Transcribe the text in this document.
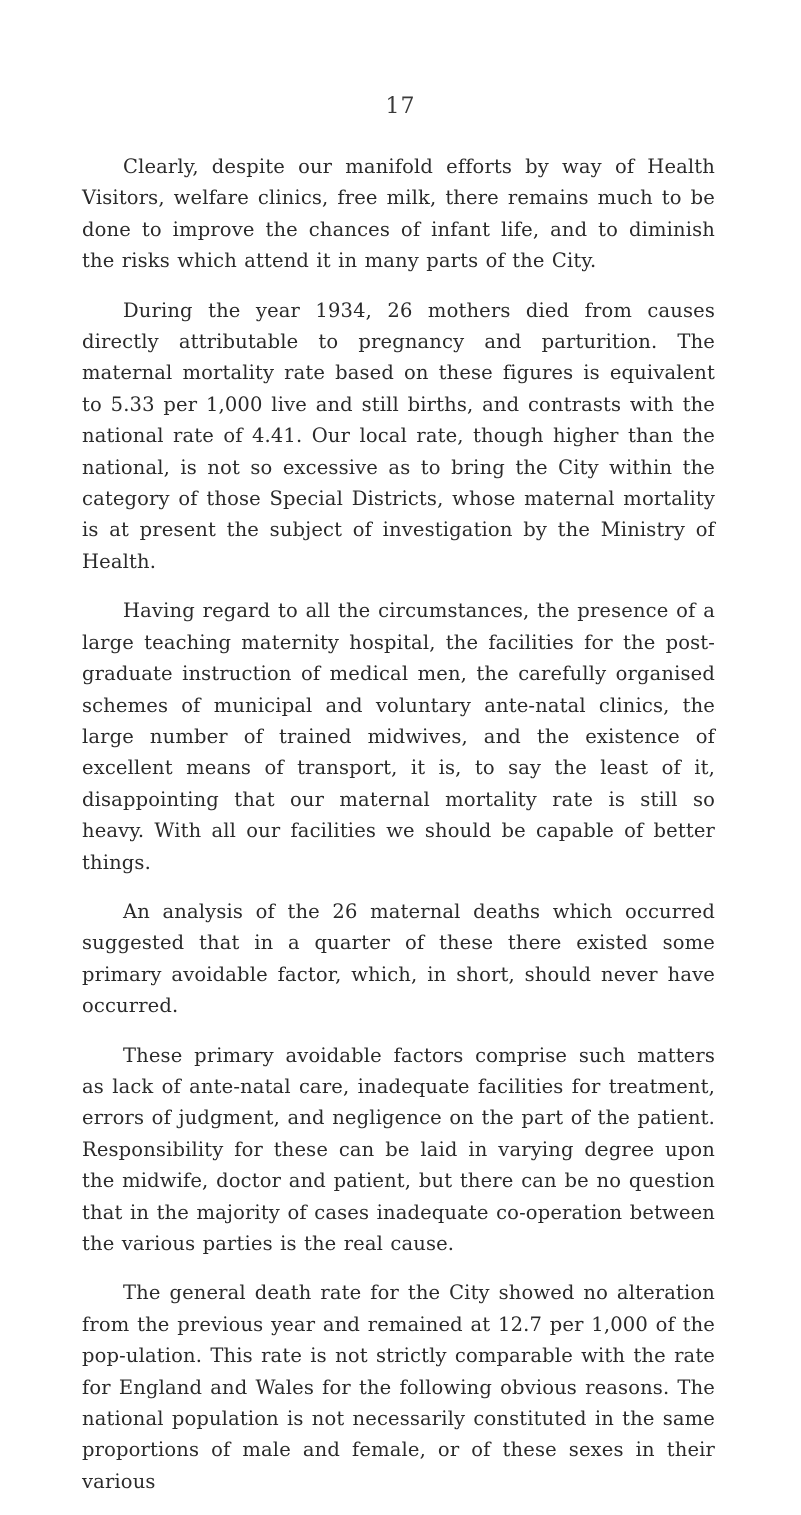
17

Clearly, despite our manifold efforts by way of Health Visitors, welfare clinics, free milk, there remains much to be done to improve the chances of infant life, and to diminish the risks which attend it in many parts of the City.

During the year 1934, 26 mothers died from causes directly attributable to pregnancy and parturition. The maternal mortality rate based on these figures is equivalent to 5.33 per 1,000 live and still births, and contrasts with the national rate of 4.41. Our local rate, though higher than the national, is not so excessive as to bring the City within the category of those Special Districts, whose maternal mortality is at present the subject of investigation by the Ministry of Health.

Having regard to all the circumstances, the presence of a large teaching maternity hospital, the facilities for the post-graduate instruction of medical men, the carefully organised schemes of municipal and voluntary ante-natal clinics, the large number of trained midwives, and the existence of excellent means of transport, it is, to say the least of it, disappointing that our maternal mortality rate is still so heavy. With all our facilities we should be capable of better things.

An analysis of the 26 maternal deaths which occurred suggested that in a quarter of these there existed some primary avoidable factor, which, in short, should never have occurred.

These primary avoidable factors comprise such matters as lack of ante-natal care, inadequate facilities for treatment, errors of judgment, and negligence on the part of the patient. Responsibility for these can be laid in varying degree upon the midwife, doctor and patient, but there can be no question that in the majority of cases inadequate co-operation between the various parties is the real cause.

The general death rate for the City showed no alteration from the previous year and remained at 12.7 per 1,000 of the pop-ulation. This rate is not strictly comparable with the rate for England and Wales for the following obvious reasons. The national population is not necessarily constituted in the same proportions of male and female, or of these sexes in their various
